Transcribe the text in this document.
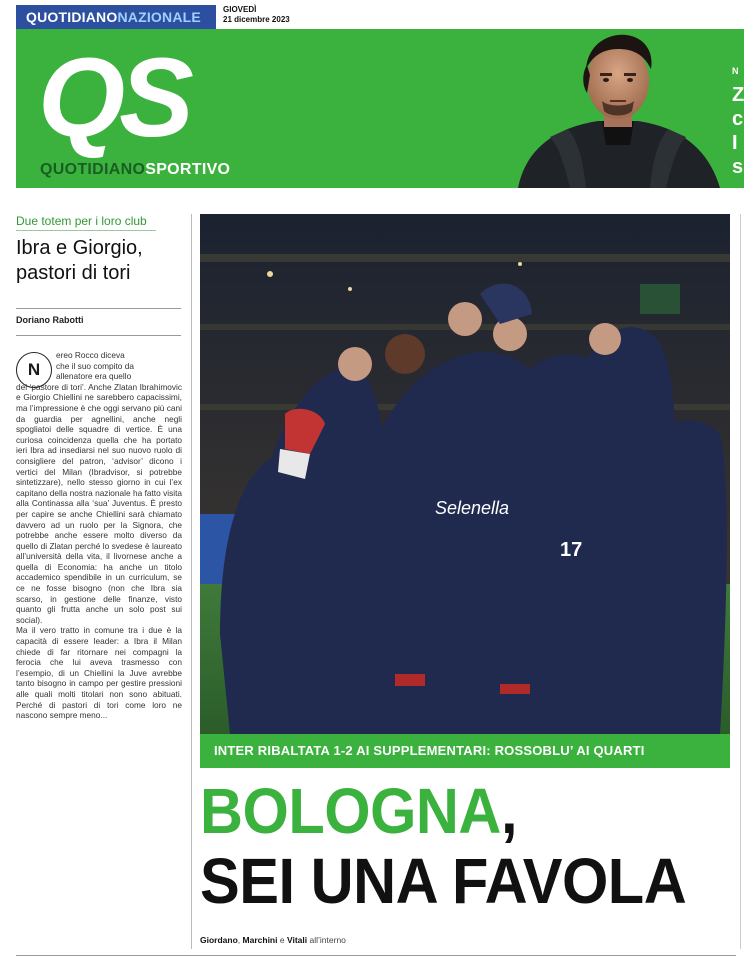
QUOTIDIANONAZIONALE	GIOVEDÌ
21 dicembre 2023
QS
QUOTIDIANOSPORTIVO
N
Z
c
I
s
c
Due totem per i loro club
Ibra e Giorgio,
pastori di tori
Doriano Rabotti
N
ereo Rocco diceva
che il suo compito da
allenatore era quello

del ‘pastore di tori’. Anche Zlatan Ibrahimovic e Giorgio Chiellini ne sarebbero capacissimi, ma l’impressione è che oggi servano più cani da guardia per agnellini, anche negli spogliatoi delle squadre di vertice. È una curiosa coincidenza quella che ha portato ieri Ibra ad insediarsi nel suo nuovo ruolo di consigliere del patron, ‘advisor’ dicono i vertici del Milan (Ibradvisor, si potrebbe sintetizzare), nello stesso giorno in cui l’ex capitano della nostra nazionale ha fatto visita alla Continassa alla ‘sua’ Juventus. È presto per capire se anche Chiellini sarà chiamato davvero ad un ruolo per la Signora, che potrebbe anche essere molto diverso da quello di Zlatan perché lo svedese è laureato all’università della vita, il livornese anche a quella di Economia: ha anche un titolo accademico spendibile in un curriculum, se ce ne fosse bisogno (non che Ibra sia scarso, in gestione delle finanze, visto quanto gli frutta anche un solo post sui social).

Ma il vero tratto in comune tra i due è la capacità di essere leader: a Ibra il Milan chiede di far ritornare nei compagni la ferocia che lui aveva trasmesso con l’esempio, di un Chiellini la Juve avrebbe tanto bisogno in campo per gestire pressioni alle quali molti titolari non sono abituati. Perché di pastori di tori come loro ne nascono sempre meno...

Selenella
17
INTER RIBALTATA 1-2 AI SUPPLEMENTARI: ROSSOBLU’ AI QUARTI
BOLOGNA,
SEI UNA FAVOLA
Giordano, Marchini e Vitali all’interno
